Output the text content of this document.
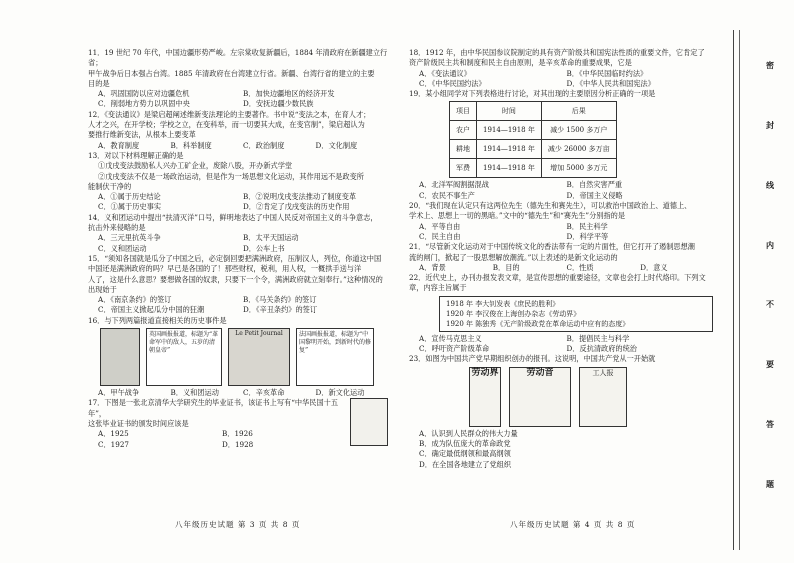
11．19 世纪 70 年代，中国边疆形势严峻。左宗棠收复新疆后，1884 年清政府在新疆建立行省；

甲午战争后日本强占台湾。1885 年清政府在台湾建立行省。新疆、台湾行省的建立的主要

目的是

A．巩固国防以应对边疆危机	B．加快边疆地区的经济开发
C．削弱地方势力以巩固中央	D．安抚边疆少数民族

12．《变法通议》是梁启超阐述维新变法理论的主要著作。书中说“变法之本，在育人才；

人才之兴，在开学校；学校之立，在变科举，而一切要其大成，在变官制”，梁启超认为

要推行维新变法，从根本上要变革

A．教育制度	B．科举制度	C．政治制度	D．文化制度

13．对以下材料理解正确的是

①戊戌变法鼓励私人兴办工矿企业，废除八股，开办新式学堂

②戊戌变法不仅是一场政治运动，但是作为一场思想文化运动，其作用远不是政变所

能制伏干净的

A．①属于历史结论	B．②说明戊戌变法推动了制度变革
C．①属于历史事实	D．②肯定了戊戌变法的历史作用

14．义和团运动中提出“扶清灭洋”口号，鲜明地表达了中国人民反对帝国主义的斗争意志，

抗击外来侵略的是

A．三元里抗英斗争	B．太平天国运动
C．义和团运动	D．公车上书

15．“须知各国就是瓜分了中国之后，必定倒回要把满洲政府，压制汉人，列位，你道这中国

中国还是满洲政府的吗？早已是各国的了！那些财权，税利，用人权，一概拱手送与洋

人了，这是什么意思？要想做各国的奴隶，只要下一个令，满洲政府就立刻奉行。”这种情况的

出现始于

A．《南京条约》的签订	B．《马关条约》的签订
C．帝国主义掀起瓜分中国的狂潮	D．《辛丑条约》的签订

16．与下列两篇报道直接相关的历史事件是

英国画报报道，标题为“革命军中的敌人，五岁的清朝皇帝”
Le Petit Journal	法国画报报道，标题为“中国黎明开始，到新时代的修复”
A．甲午战争	B．义和团运动	C．辛亥革命	D．新文化运动

17．下图是一张北京清华大学研究生的毕业证书，该证书上写有“中华民国十五年”，

这张毕业证书的颁发时间应该是

A．1925	B．1926
C．1927	D．1928
八年级历史试题 第 3 页 共 8 页

18．1912 年，由中华民国参议院制定的具有资产阶级共和国宪法性质的重要文件，它肯定了

资产阶级民主共和制度和民主自由原则，是辛亥革命的重要成果，它是

A．《变法通议》	B．《中华民国临时约法》
C．《中华民国约法》	D．《中华人民共和国宪法》

19．某小组同学对下列表格进行讨论，对其出现的主要原因分析正确的一项是

项目	时间	后果
农户	1914—1918 年	减少 1500 多万户
耕地	1914—1918 年	减少 26000 多万亩
军费	1914—1918 年	增加 5000 多万元
A．北洋军阀割据混战	B．自然灾害严重
C．农民不事生产	D．帝国主义侵略

20．“我们现在认定只有这两位先生（德先生和赛先生），可以救治中国政治上、道德上、

学术上、思想上一切的黑暗。”文中的“德先生”和“赛先生”分别指的是

A．平等自由	B．民主科学
C．民主自由	D．科学平等

21．“尽管新文化运动对于中国传统文化的香法带有一定的片面性，但它打开了遏制思想潮

流的闸门，掀起了一股思想解放潮流。”以上表述的是新文化运动的

A．背景	B．目的	C．性质	D．意义

22．近代史上，办刊办报发表文章，是宣传思想的重要途径，文章也会打上时代烙印。下列文

章，内容主旨属于

1918 年 李大钊发表《庶民的胜利》
1920 年 李汉俊在上海创办杂志《劳动界》
1920 年 陈独秀《无产阶级政党在革命运动中应有的态度》
A．宣传马克思主义	B．提倡民主与科学
C．呼吁资产阶级革命	D．反抗清政府的统治

23．如图为中国共产党早期组织创办的报刊。这说明，中国共产党从一开始就

劳动界	劳动音	工人报

A．认识到人民群众的伟大力量

B．成为队伍庞大的革命政党

C．确定最低纲领和最高纲领

D．在全国各地建立了党组织

八年级历史试题 第 4 页 共 8 页
密
封
线
内
不
要
答
题
